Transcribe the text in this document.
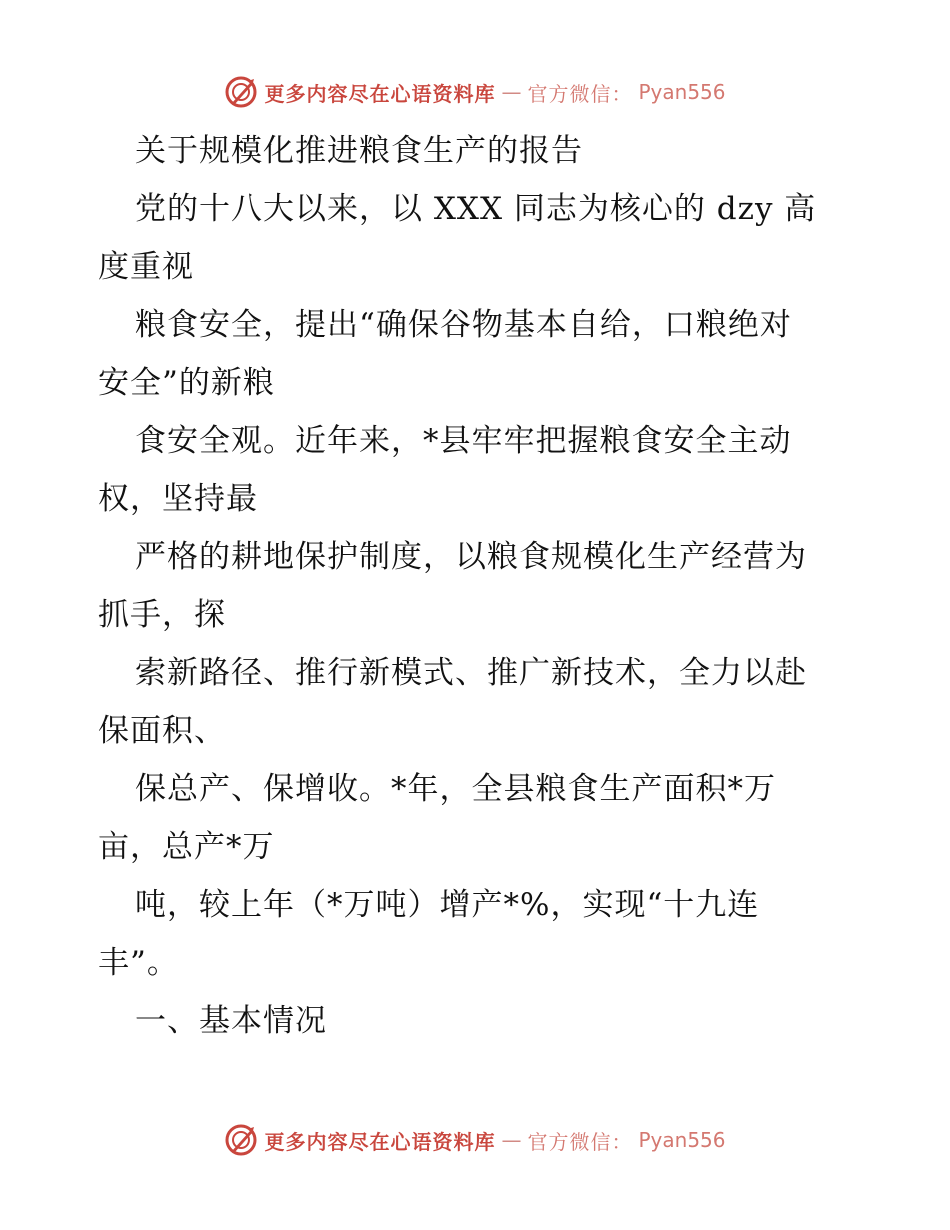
更多内容尽在心语资料库 — 官方微信： Pyan556
关于规模化推进粮食生产的报告
党的十八大以来，以 XXX 同志为核心的 dzy 高
度重视
粮食安全，提出“确保谷物基本自给，口粮绝对
安全”的新粮
食安全观。近年来，*县牢牢把握粮食安全主动
权，坚持最
严格的耕地保护制度，以粮食规模化生产经营为
抓手，探
索新路径、推行新模式、推广新技术，全力以赴
保面积、
保总产、保增收。*年，全县粮食生产面积*万
亩，总产*万
吨，较上年（*万吨）增产*%，实现“十九连
丰”。
一、基本情况
更多内容尽在心语资料库 — 官方微信： Pyan556
